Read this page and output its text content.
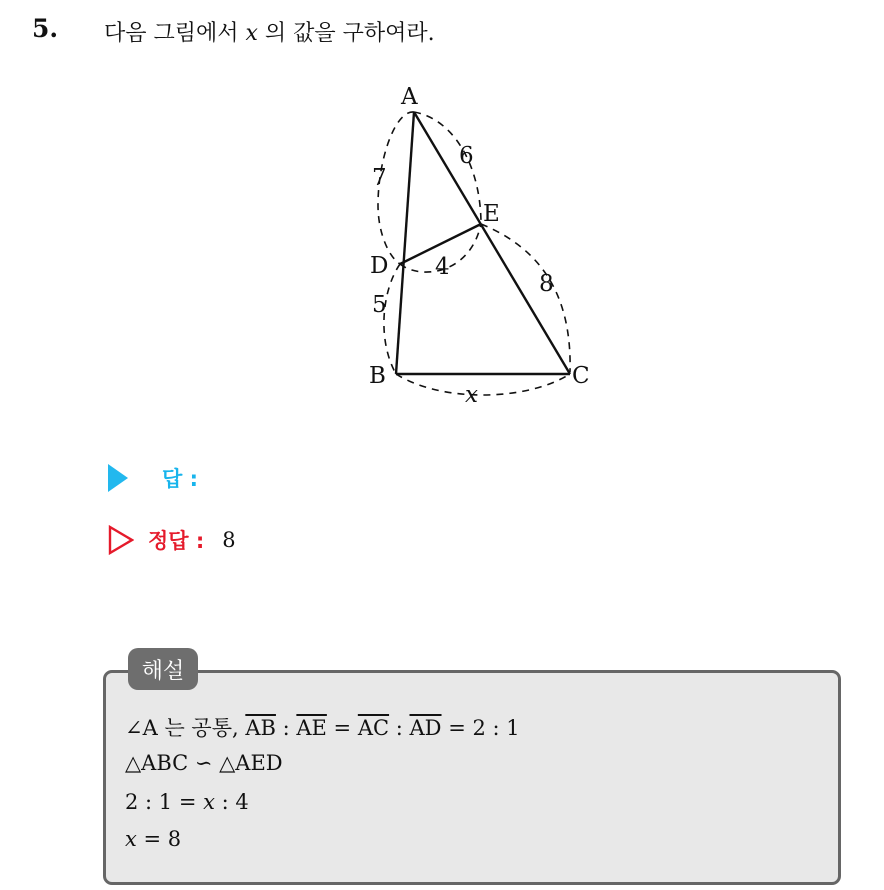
5. 다음 그림에서 x 의 값을 구하여라.
A
B	C
D
E
7
6
4
5
8
x
답 :
정답 : 8
해설
∠A 는 공통, $\overline{AB}$ : $\overline{AE} = \overline{AC}$ : $\overline{AD} = 2$ : 1
△ABC ∽ △AED
2 : 1 = x : 4
x = 8
